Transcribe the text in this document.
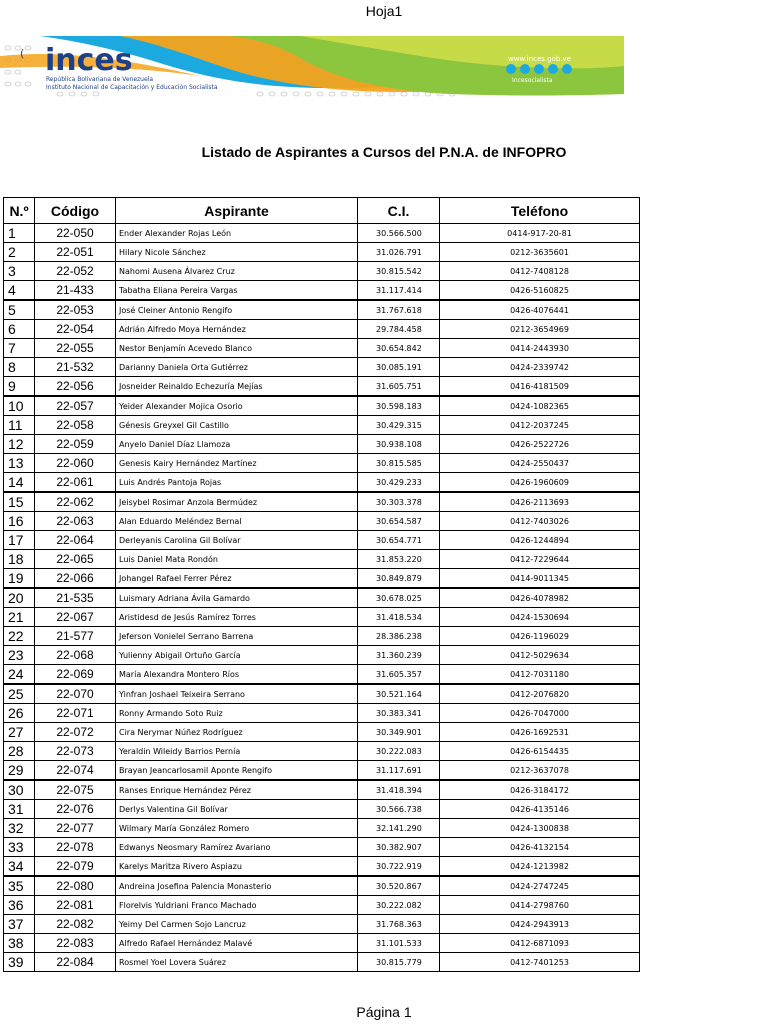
Hoja1
( inces
República Bolivariana de Venezuela
Instituto Nacional de Capacitación y Educación Socialista
www.inces.gob.ve
Incesocialista
Listado de Aspirantes a Cursos del P.N.A. de INFOPRO
N.º	Código	Aspirante	C.I.	Teléfono
1	22-050	Ender Alexander Rojas León	30.566.500	0414-917-20-81
2	22-051	Hilary Nicole Sánchez	31.026.791	0212-3635601
3	22-052	Nahomi Ausena Álvarez Cruz	30.815.542	0412-7408128
4	21-433	Tabatha Eliana Pereira Vargas	31.117.414	0426-5160825
5	22-053	José Cleiner Antonio Rengifo	31.767.618	0426-4076441
6	22-054	Adrián Alfredo Moya Hernández	29.784.458	0212-3654969
7	22-055	Nestor Benjamín Acevedo Blanco	30.654.842	0414-2443930
8	21-532	Darianny Daniela Orta Gutiérrez	30.085.191	0424-2339742
9	22-056	Josneider Reinaldo Echezuría Mejías	31.605.751	0416-4181509
10	22-057	Yeider Alexander Mojica Osorio	30.598.183	0424-1082365
11	22-058	Génesis Greyxel Gil Castillo	30.429.315	0412-2037245
12	22-059	Anyelo Daniel Díaz Llamoza	30.938.108	0426-2522726
13	22-060	Genesis Kairy Hernández Martínez	30.815.585	0424-2550437
14	22-061	Luis Andrés Pantoja Rojas	30.429.233	0426-1960609
15	22-062	Jeisybel Rosimar Anzola Bermúdez	30.303.378	0426-2113693
16	22-063	Alan Eduardo Meléndez Bernal	30.654.587	0412-7403026
17	22-064	Derleyanis Carolina Gil Bolívar	30.654.771	0426-1244894
18	22-065	Luis Daniel Mata Rondón	31.853.220	0412-7229644
19	22-066	Johangel Rafael Ferrer Pérez	30.849.879	0414-9011345
20	21-535	Luismary Adriana Ávila Gamardo	30.678.025	0426-4078982
21	22-067	Aristidesd de Jesús Ramírez Torres	31.418.534	0424-1530694
22	21-577	Jeferson Vonielel Serrano Barrena	28.386.238	0426-1196029
23	22-068	Yulienny Abigail Ortuño García	31.360.239	0412-5029634
24	22-069	María Alexandra Montero Ríos	31.605.357	0412-7031180
25	22-070	Yinfran Joshael Teixeira Serrano	30.521.164	0412-2076820
26	22-071	Ronny Armando Soto Ruiz	30.383.341	0426-7047000
27	22-072	Cira Nerymar Núñez Rodríguez	30.349.901	0426-1692531
28	22-073	Yeraldin Wileidy Barrios Pernía	30.222.083	0426-6154435
29	22-074	Brayan Jeancarlosamil Aponte Rengifo	31.117.691	0212-3637078
30	22-075	Ranses Enrique Hernández Pérez	31.418.394	0426-3184172
31	22-076	Derlys Valentina Gil Bolívar	30.566.738	0426-4135146
32	22-077	Wilmary María González Romero	32.141.290	0424-1300838
33	22-078	Edwanys Neosmary Ramírez Avariano	30.382.907	0426-4132154
34	22-079	Karelys Maritza Rivero Aspiazu	30.722.919	0424-1213982
35	22-080	Andreina Josefina Palencia Monasterio	30.520.867	0424-2747245
36	22-081	Florelvis Yuldriani Franco Machado	30.222.082	0414-2798760
37	22-082	Yeimy Del Carmen Sojo Lancruz	31.768.363	0424-2943913
38	22-083	Alfredo Rafael Hernández Malavé	31.101.533	0412-6871093
39	22-084	Rosmel Yoel Lovera Suárez	30.815.779	0412-7401253
Página 1
